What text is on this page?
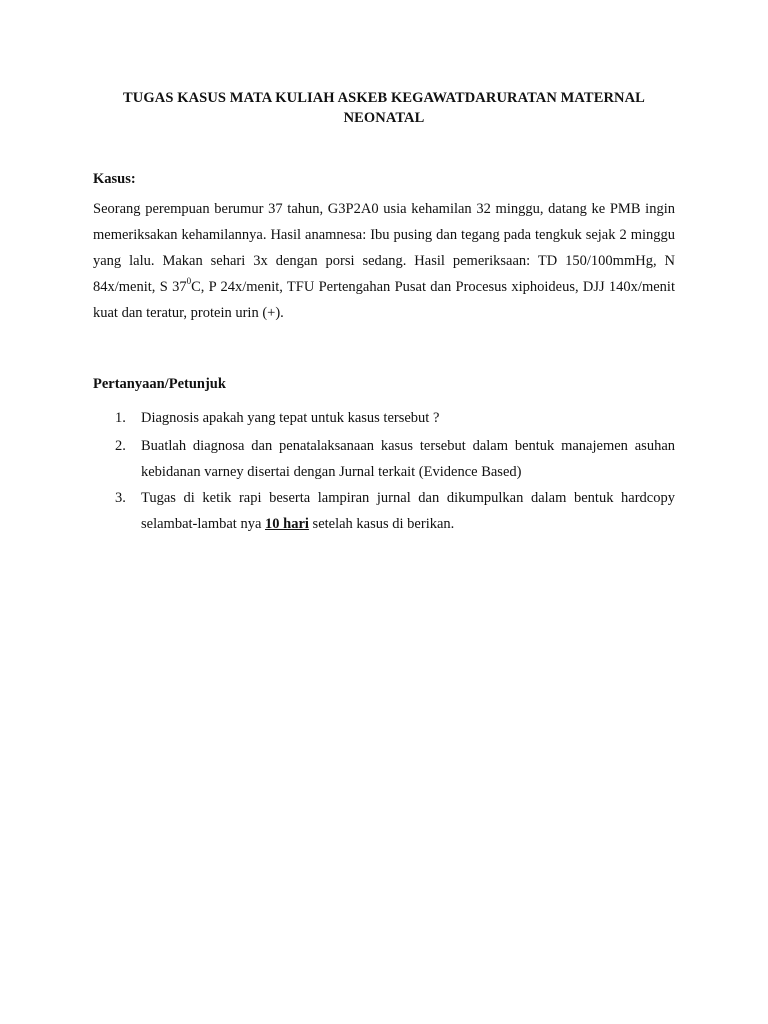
TUGAS KASUS MATA KULIAH ASKEB KEGAWATDARURATAN MATERNAL
NEONATAL
Kasus:
Seorang perempuan berumur 37 tahun, G3P2A0 usia kehamilan 32 minggu, datang ke PMB ingin memeriksakan kehamilannya. Hasil anamnesa: Ibu pusing dan tegang pada tengkuk sejak 2 minggu yang lalu. Makan sehari 3x dengan porsi sedang. Hasil pemeriksaan: TD 150/100mmHg, N 84x/menit, S $37^0C$, P 24x/menit, TFU Pertengahan Pusat dan Procesus xiphoideus, DJJ 140x/menit kuat dan teratur, protein urin (+).
Pertanyaan/Petunjuk
1. Diagnosis apakah yang tepat untuk kasus tersebut ?
2. Buatlah diagnosa dan penatalaksanaan kasus tersebut dalam bentuk manajemen asuhan kebidanan varney disertai dengan Jurnal terkait (Evidence Based)
3. Tugas di ketik rapi beserta lampiran jurnal dan dikumpulkan dalam bentuk hardcopy selambat-lambat nya 10 hari setelah kasus di berikan.
